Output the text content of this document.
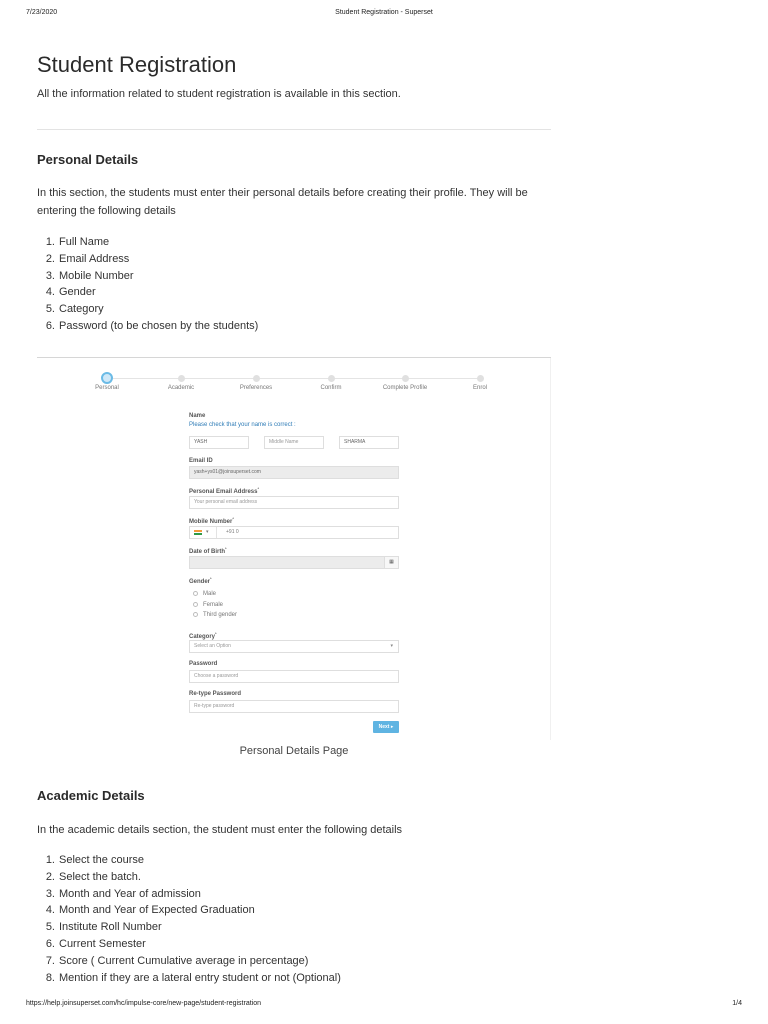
7/23/2020	Student Registration - Superset
Student Registration

All the information related to student registration is available in this section.

Personal Details

In this section, the students must enter their personal details before creating their profile. They will be entering the following details

1. Full Name
2. Email Address
3. Mobile Number
4. Gender
5. Category
6. Password (to be chosen by the students)
Personal	Academic	Preferences	Confirm	Complete Profile	Enrol
Name
Please check that your name is correct :
YASH	Middle Name	SHARMA
Email ID
yash+ys01@joinsuperset.com
Personal Email Address*
Your personal email address
Mobile Number*
▾	+91 0
Date of Birth*
▦
Gender*
Male
Female
Third gender
Category*
Select an Option	▾
Password
Choose a password
Re-type Password
Re-type password
Next ▸
Personal Details Page
Academic Details

In the academic details section, the student must enter the following details

1. Select the course
2. Select the batch.
3. Month and Year of admission
4. Month and Year of Expected Graduation
5. Institute Roll Number
6. Current Semester
7. Score ( Current Cumulative average in percentage)
8. Mention if they are a lateral entry student or not (Optional)
https://help.joinsuperset.com/hc/impulse-core/new-page/student-registration	1/4
